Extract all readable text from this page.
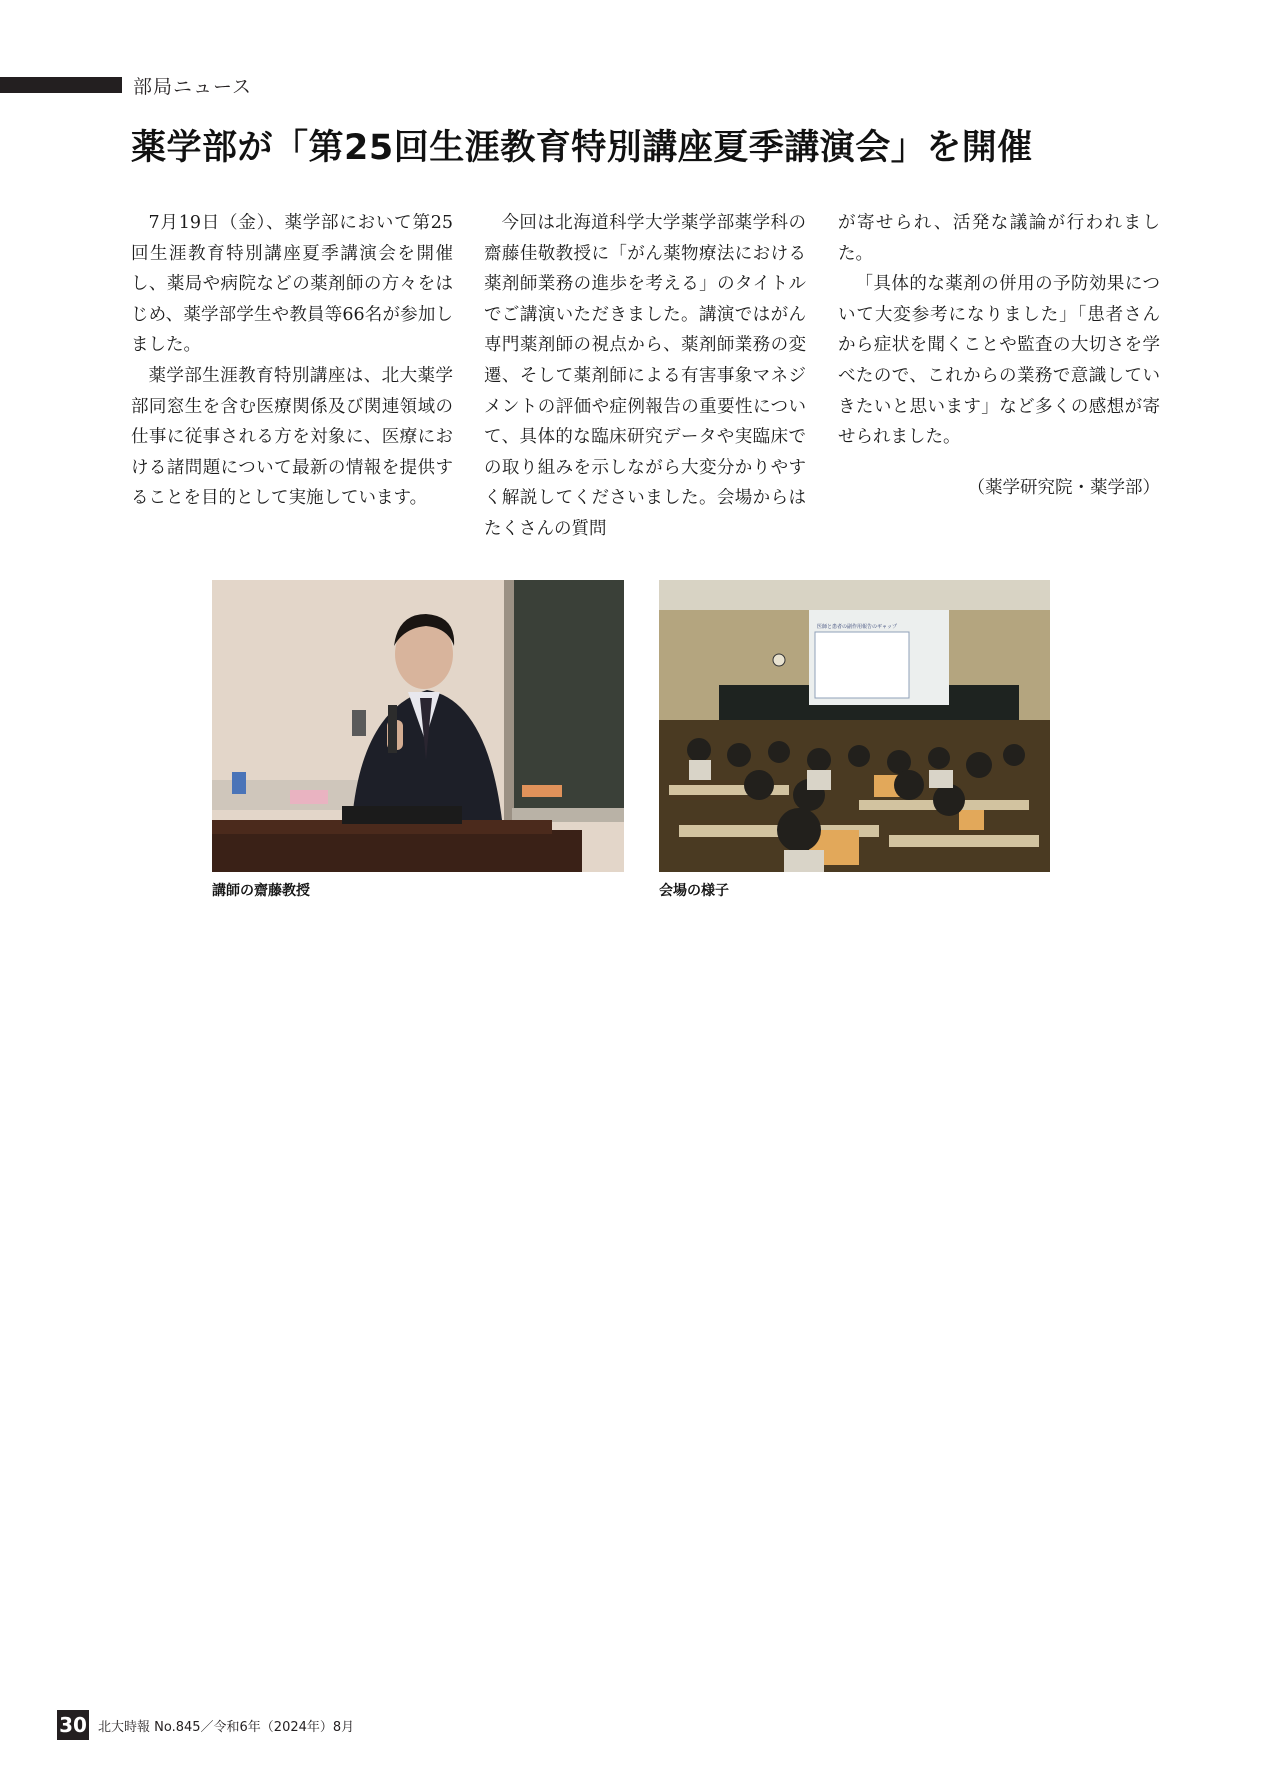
部局ニュース
薬学部が「第25回生涯教育特別講座夏季講演会」を開催

7月19日（金）、薬学部において第25回生涯教育特別講座夏季講演会を開催し、薬局や病院などの薬剤師の方々をはじめ、薬学部学生や教員等66名が参加しました。

薬学部生涯教育特別講座は、北大薬学部同窓生を含む医療関係及び関連領域の仕事に従事される方を対象に、医療における諸問題について最新の情報を提供することを目的として実施しています。

今回は北海道科学大学薬学部薬学科の齋藤佳敬教授に「がん薬物療法における薬剤師業務の進歩を考える」のタイトルでご講演いただきました。講演ではがん専門薬剤師の視点から、薬剤師業務の変遷、そして薬剤師による有害事象マネジメントの評価や症例報告の重要性について、具体的な臨床研究データや実臨床での取り組みを示しながら大変分かりやすく解説してくださいました。会場からはたくさんの質問

が寄せられ、活発な議論が行われました。

「具体的な薬剤の併用の予防効果について大変参考になりました」「患者さんから症状を聞くことや監査の大切さを学べたので、これからの業務で意識していきたいと思います」など多くの感想が寄せられました。

（薬学研究院・薬学部）

講師の齋藤教授
医師と患者の副作用報告のギャップ
会場の様子
30 北大時報 No.845／令和6年（2024年）8月
